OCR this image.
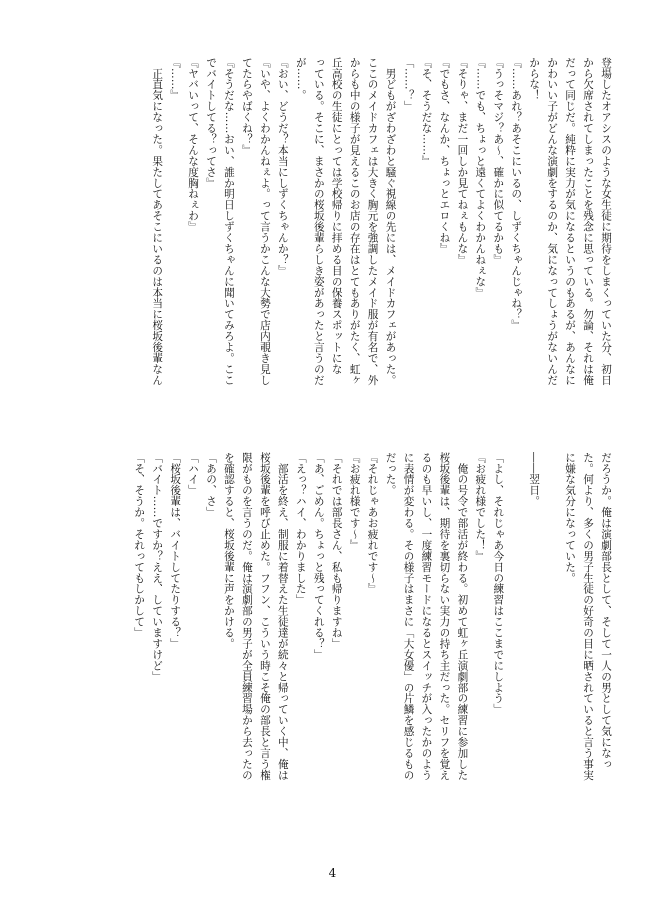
登場したオアシスのような女生徒に期待をしまくっていた分、初日

から欠席されてしまったことを残念に思っている。勿論、それは俺

だって同じだ。純粋に実力が気になるというのもあるが、あんなに

かわいい子がどんな演劇をするのか、気になってしょうがないんだ

からな！

『……あれ？あそこにいるの、しずくちゃんじゃね？』

『うっそマジ？あ～、確かに似てるかも』

『……でも、ちょっと遠くてよくわかんねぇな』

『そりゃ、まだ一回しか見てねぇもんな』

『でもさ、なんか、ちょっとエロくね』

『そ、そうだな……』

「……？」

　男どもがざわざわと騒ぐ視線の先には、メイドカフェがあった。

ここのメイドカフェは大きく胸元を強調したメイド服が有名で、外

からも中の様子が見えるこのお店の存在はとてもありがたく、虹ヶ

丘高校の生徒にとっては学校帰りに拝める目の保養スポットにな

っている。そこに、まさかの桜坂後輩らしき姿があったと言うのだ

が……。

『おい、どうだ？本当にしずくちゃんか？』

『いや、よくわかんねぇよ。って言うかこんな大勢で店内覗き見し

てたらやばくね？』

『そうだな……おい、誰か明日しずくちゃんに聞いてみろよ。ここ

でバイトしてる？ってさ』

『ヤバいって、そんな度胸ねぇわ』

『……』

　正直気になった。果たしてあそこにいるのは本当に桜坂後輩なん

だろうか。俺は演劇部長として、そして一人の男として気になっ

た。何より、多くの男子生徒の好奇の目に晒されていると言う事実

に嫌な気分になっていた。

――翌日。

「よし、それじゃあ今日の練習はここまでにしよう」

『お疲れ様でした！』

　俺の号令で部活が終わる。初めて虹ヶ丘演劇部の練習に参加した

桜坂後輩は、期待を裏切らない実力の持ち主だった。セリフを覚え

るのも早いし、一度練習モードになるとスイッチが入ったかのよう

に表情が変わる。その様子はまさに「大女優」の片鱗を感じるもの

だった。

『それじゃあお疲れです～』

『お疲れ様です～』

「それでは部長さん、私も帰りますね」

「あ、ごめん。ちょっと残ってくれる？」

「えっ？ハイ、わかりました」

　部活を終え、制服に着替えた生徒達が続々と帰っていく中、俺は

桜坂後輩を呼び止めた。フフン、こういう時こそ俺の部長と言う権

限がものを言うのだ。俺は演劇部の男子が全員練習場から去ったの

を確認すると、桜坂後輩に声をかける。

「あの、さ」

「ハイ」

「桜坂後輩は、バイトしてたりする？」

「バイト……ですか？ええ、していますけど」

「そ、そうか。それってもしかして」

4
